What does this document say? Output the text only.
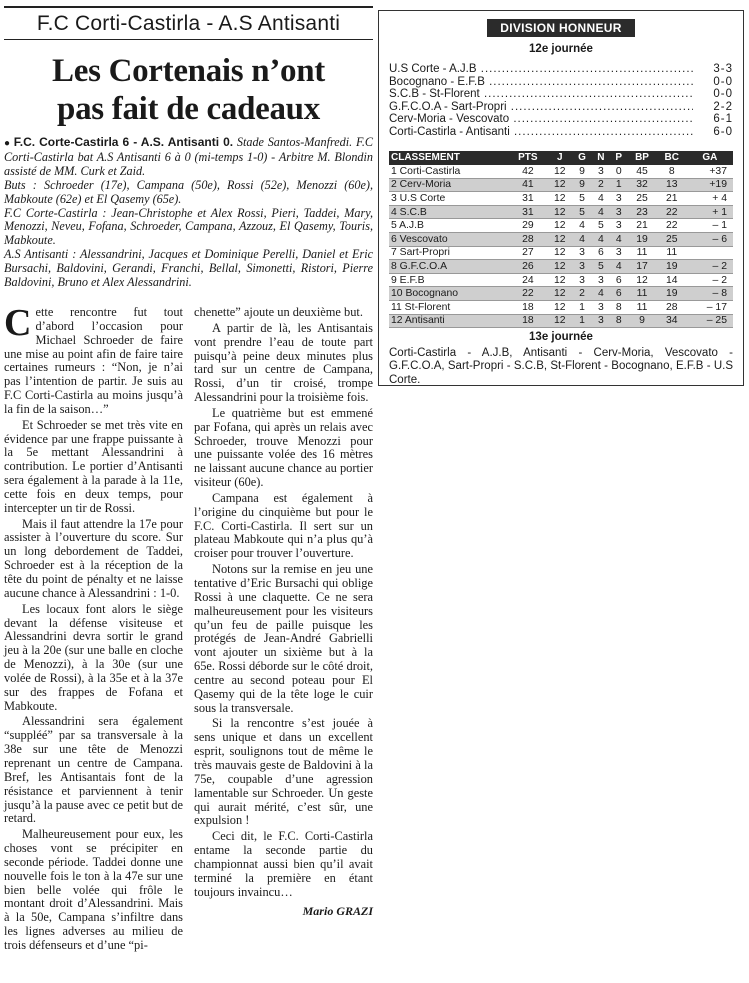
F.C Corti-Castirla - A.S Antisanti
Les Cortenais n’ont
pas fait de cadeaux

● F.C. Corte-Castirla 6 - A.S. Antisanti 0. Stade Santos-Manfredi. F.C Corti-Castirla bat A.S Antisanti 6 à 0 (mi-temps 1-0) - Arbitre M. Blondin assisté de MM. Curk et Zaid.

Buts : Schroeder (17e), Campana (50e), Rossi (52e), Menozzi (60e), Mabkoute (62e) et El Qasemy (65e).

F.C Corte-Castirla : Jean-Christophe et Alex Rossi, Pieri, Taddei, Mary, Menozzi, Neveu, Fofana, Schroeder, Campana, Azzouz, El Qasemy, Touris, Mabkoute.

A.S Antisanti : Alessandrini, Jacques et Dominique Perelli, Daniel et Eric Bursachi, Baldovini, Gerandi, Franchi, Bellal, Simonetti, Ristori, Pierre Baldovini, Bruno et Alex Alessandrini.

Cette rencontre fut tout d’abord l’occasion pour Michael Schroeder de faire une mise au point afin de faire taire certaines rumeurs : “Non, je n’ai pas l’intention de partir. Je suis au F.C Corti-Castirla au moins jusqu’à la fin de la saison…”

Et Schroeder se met très vite en évidence par une frappe puissante à la 5e mettant Alessandrini à contribution. Le portier d’Antisanti sera également à la parade à la 11e, cette fois en deux temps, pour intercepter un tir de Rossi.

Mais il faut attendre la 17e pour assister à l’ouverture du score. Sur un long debordement de Taddei, Schroeder est à la réception de la tête du point de pénalty et ne laisse aucune chance à Alessandrini : 1-0.

Les locaux font alors le siège devant la défense visiteuse et Alessandrini devra sortir le grand jeu à la 20e (sur une balle en cloche de Menozzi), à la 30e (sur une volée de Rossi), à la 35e et à la 37e sur des frappes de Fofana et Mabkoute.

Alessandrini sera également “suppléé” par sa transversale à la 38e sur une tête de Menozzi reprenant un centre de Campana. Bref, les Antisantais font de la résistance et parviennent à tenir jusqu’à la pause avec ce petit but de retard.

Malheureusement pour eux, les choses vont se précipiter en seconde période. Taddei donne une nouvelle fois le ton à la 47e sur une bien belle volée qui frôle le montant droit d’Alessandrini. Mais à la 50e, Campana s’infiltre dans les lignes adverses au milieu de trois défenseurs et d’une “pi-

chenette” ajoute un deuxième but.

A partir de là, les Antisantais vont prendre l’eau de toute part puisqu’à peine deux minutes plus tard sur un centre de Campana, Rossi, d’un tir croisé, trompe Alessandrini pour la troisième fois.

Le quatrième but est emmené par Fofana, qui après un relais avec Schroeder, trouve Menozzi pour une puissante volée des 16 mètres ne laissant aucune chance au portier visiteur (60e).

Campana est également à l’origine du cinquième but pour le F.C. Corti-Castirla. Il sert sur un plateau Mabkoute qui n’a plus qu’à croiser pour trouver l’ouverture.

Notons sur la remise en jeu une tentative d’Eric Bursachi qui oblige Rossi à une claquette. Ce ne sera malheureusement pour les visiteurs qu’un feu de paille puisque les protégés de Jean-André Gabrielli vont ajouter un sixième but à la 65e. Rossi déborde sur le côté droit, centre au second poteau pour El Qasemy qui de la tête loge le cuir sous la transversale.

Si la rencontre s’est jouée à sens unique et dans un excellent esprit, soulignons tout de même le très mauvais geste de Baldovini à la 75e, coupable d’une agression lamentable sur Schroeder. Un geste qui aurait mérité, c’est sûr, une expulsion !

Ceci dit, le F.C. Corti-Castirla entame la seconde partie du championnat aussi bien qu’il avait terminé la première en étant toujours invaincu…

Mario GRAZI
DIVISION HONNEUR
12e journée
U.S Corte - A.J.B .....	3-3
Bocognano - E.F.B .....	0-0
S.C.B - St-Florent .....	0-0
G.F.C.O.A - Sart-Propri .....	2-2
Cerv-Moria - Vescovato .....	6-1
Corti-Castirla - Antisanti .....	6-0
CLASSEMENT	PTS	J	G	N	P	BP	BC	GA
1 Corti-Castirla	42	12	9	3	0	45	8	+37
2 Cerv-Moria	41	12	9	2	1	32	13	+19
3 U.S Corte	31	12	5	4	3	25	21	+ 4
4 S.C.B	31	12	5	4	3	23	22	+ 1
5 A.J.B	29	12	4	5	3	21	22	– 1
6 Vescovato	28	12	4	4	4	19	25	– 6
7 Sart-Propri	27	12	3	6	3	11	11	
8 G.F.C.O.A	26	12	3	5	4	17	19	– 2
9 E.F.B	24	12	3	3	6	12	14	– 2
10 Bocognano	22	12	2	4	6	11	19	– 8
11 St-Florent	18	12	1	3	8	11	28	– 17
12 Antisanti	18	12	1	3	8	9	34	– 25
13e journée
Corti-Castirla - A.J.B, Antisanti - Cerv-Moria, Vescovato - G.F.C.O.A, Sart-Propri - S.C.B, St-Florent - Bocognano, E.F.B - U.S Corte.
